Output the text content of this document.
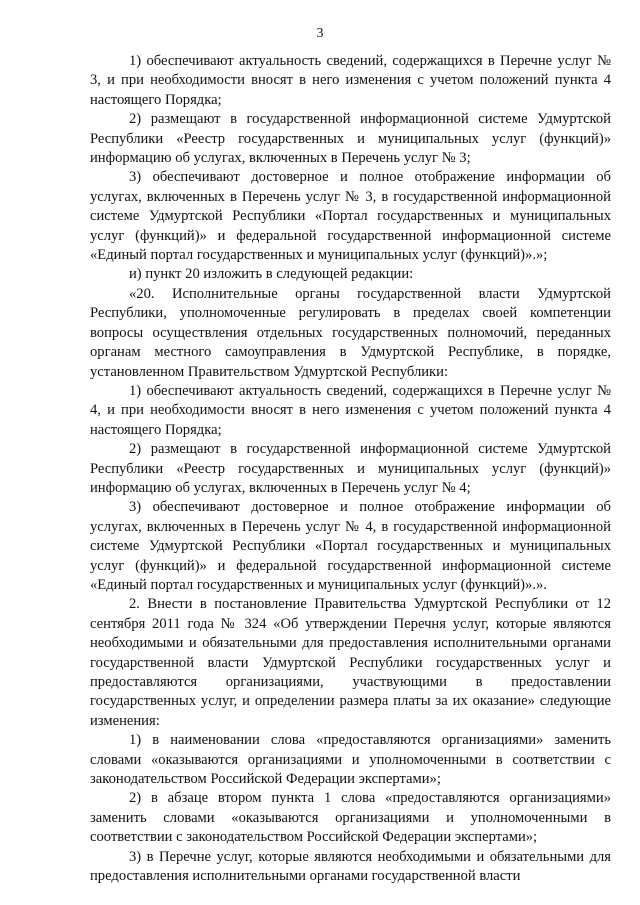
3

1) обеспечивают актуальность сведений, содержащихся в Перечне услуг № 3, и при необходимости вносят в него изменения с учетом положений пункта 4 настоящего Порядка;

2) размещают в государственной информационной системе Удмуртской Республики «Реестр государственных и муниципальных услуг (функций)» информацию об услугах, включенных в Перечень услуг № 3;

3) обеспечивают достоверное и полное отображение информации об услугах, включенных в Перечень услуг № 3, в государственной информационной системе Удмуртской Республики «Портал государственных и муниципальных услуг (функций)» и федеральной государственной информационной системе «Единый портал государственных и муниципальных услуг (функций)».»;

и) пункт 20 изложить в следующей редакции:

«20. Исполнительные органы государственной власти Удмуртской Республики, уполномоченные регулировать в пределах своей компетенции вопросы осуществления отдельных государственных полномочий, переданных органам местного самоуправления в Удмуртской Республике, в порядке, установленном Правительством Удмуртской Республики:

1) обеспечивают актуальность сведений, содержащихся в Перечне услуг № 4, и при необходимости вносят в него изменения с учетом положений пункта 4 настоящего Порядка;

2) размещают в государственной информационной системе Удмуртской Республики «Реестр государственных и муниципальных услуг (функций)» информацию об услугах, включенных в Перечень услуг № 4;

3) обеспечивают достоверное и полное отображение информации об услугах, включенных в Перечень услуг № 4, в государственной информационной системе Удмуртской Республики «Портал государственных и муниципальных услуг (функций)» и федеральной государственной информационной системе «Единый портал государственных и муниципальных услуг (функций)».».

2. Внести в постановление Правительства Удмуртской Республики от 12 сентября 2011 года № 324 «Об утверждении Перечня услуг, которые являются необходимыми и обязательными для предоставления исполнительными органами государственной власти Удмуртской Республики государственных услуг и предоставляются организациями, участвующими в предоставлении государственных услуг, и определении размера платы за их оказание» следующие изменения:

1) в наименовании слова «предоставляются организациями» заменить словами «оказываются организациями и уполномоченными в соответствии с законодательством Российской Федерации экспертами»;

2) в абзаце втором пункта 1 слова «предоставляются организациями» заменить словами «оказываются организациями и уполномоченными в соответствии с законодательством Российской Федерации экспертами»;

3) в Перечне услуг, которые являются необходимыми и обязательными для предоставления исполнительными органами государственной власти
